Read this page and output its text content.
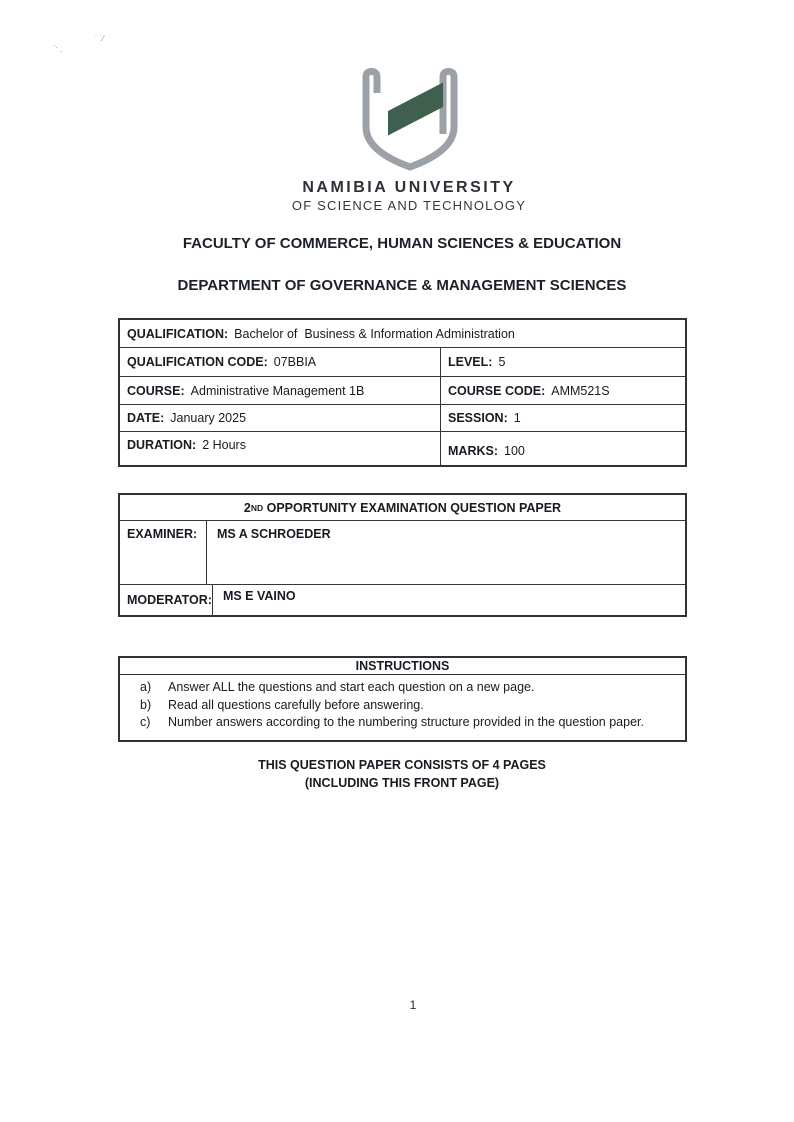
·.
·
˙ ˙⁄
NAMIBIA UNIVERSITY
OF SCIENCE AND TECHNOLOGY
FACULTY OF COMMERCE, HUMAN SCIENCES & EDUCATION
DEPARTMENT OF GOVERNANCE & MANAGEMENT SCIENCES
QUALIFICATION: Bachelor of  Business & Information Administration
QUALIFICATION CODE: 07BBIA	LEVEL: 5
COURSE: Administrative Management 1B	COURSE CODE: AMM521S
DATE: January 2025	SESSION: 1
DURATION: 2 Hours	MARKS: 100
2 ND OPPORTUNITY EXAMINATION QUESTION PAPER
EXAMINER:	MS A SCHROEDER
MODERATOR: MS E VAINO
INSTRUCTIONS
a)	Answer ALL the questions and start each question on a new page.
b)	Read all questions carefully before answering.
c)	Number answers according to the numbering structure provided in the question paper.
THIS QUESTION PAPER CONSISTS OF 4 PAGES
(INCLUDING THIS FRONT PAGE)
1
